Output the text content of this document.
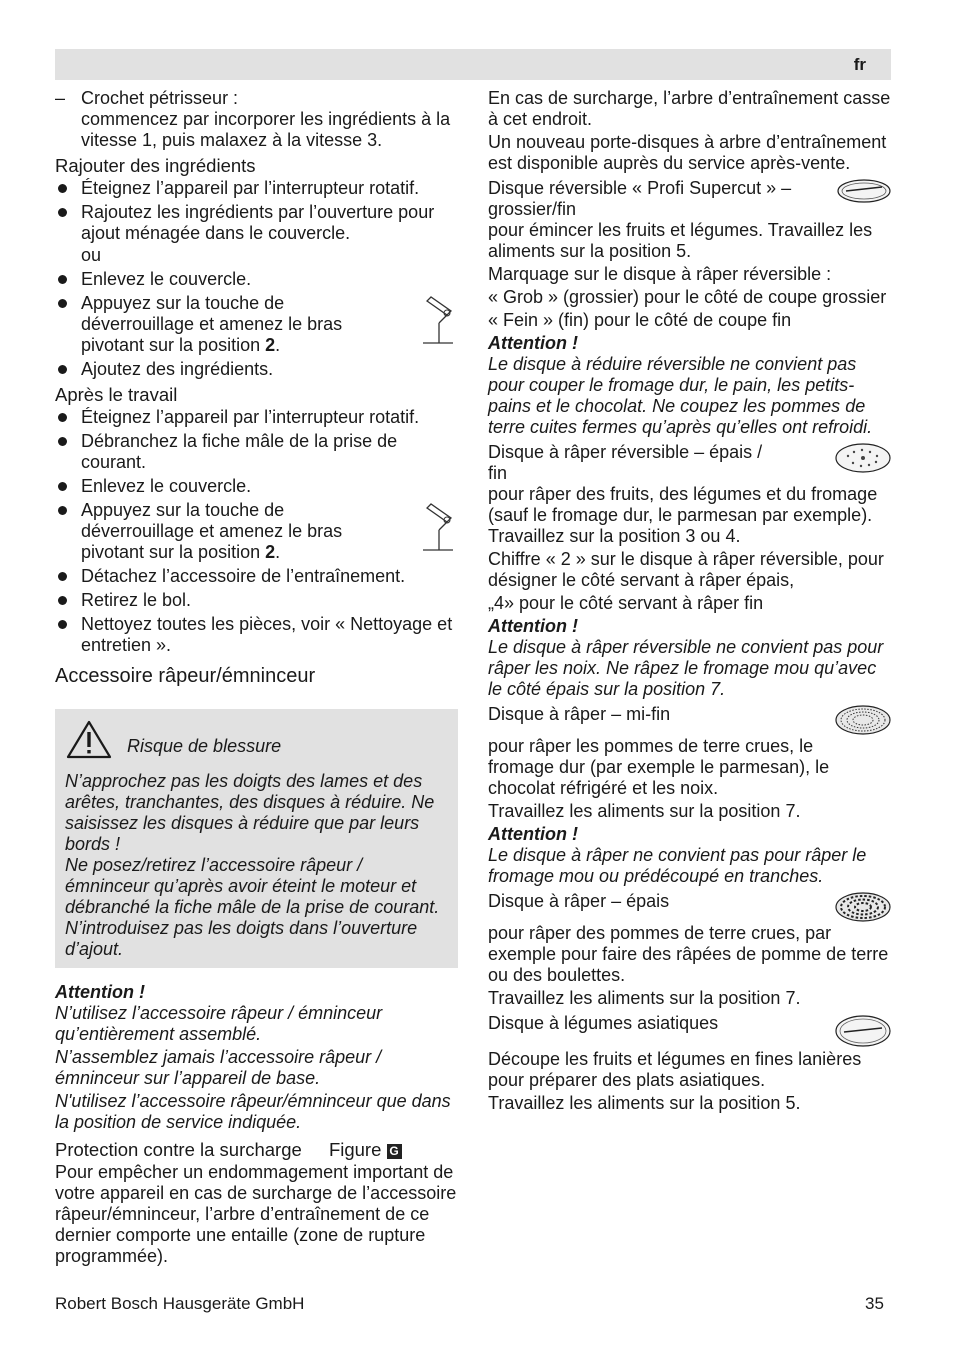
fr
– Crochet pétrisseur :
commencez par incorporer les ingrédients à la vitesse 1, puis malaxez à la vitesse 3.
Rajouter des ingrédients
Éteignez l’appareil par l’interrupteur rotatif.
Rajoutez les ingrédients par l’ouverture pour ajout ménagée dans le couvercle.
ou
Enlevez le couvercle.
Appuyez sur la touche de déverrouillage et amenez le bras pivotant sur la position 2.
Ajoutez des ingrédients.
Après le travail
Éteignez l’appareil par l’interrupteur rotatif.
Débranchez la fiche mâle de la prise de courant.
Enlevez le couvercle.
Appuyez sur la touche de déverrouillage et amenez le bras pivotant sur la position 2.
Détachez l’accessoire de l’entraînement.
Retirez le bol.
Nettoyez toutes les pièces, voir « Nettoyage et entretien ».
Accessoire râpeur/émninceur
Risque de blessure

N’approchez pas les doigts des lames et des arêtes, tranchantes, des disques à réduire. Ne saisissez les disques à réduire que par leurs bords !

Ne posez/retirez l’accessoire râpeur / émninceur qu’après avoir éteint le moteur et débranché la fiche mâle de la prise de courant. N’introduisez pas les doigts dans l’ouverture d’ajout.

Attention !

N’utilisez l’accessoire râpeur / émninceur qu’entièrement assemblé.

N’assemblez jamais l’accessoire râpeur / émninceur sur l’appareil de base.

N'utilisez l’accessoire râpeur/émninceur que dans la position de service indiquée.

Protection contre la surcharge Figure G

Pour empêcher un endommagement important de votre appareil en cas de surcharge de l’accessoire râpeur/émninceur, l’arbre d’entraînement de ce dernier comporte une entaille (zone de rupture programmée).

En cas de surcharge, l’arbre d’entraînement casse à cet endroit.

Un nouveau porte-disques à arbre d’entraînement est disponible auprès du service après-vente.

Disque réversible « Profi Supercut » – grossier/fin

pour émincer les fruits et légumes. Travaillez les aliments sur la position 5.

Marquage sur le disque à râper réversible :

« Grob » (grossier) pour le côté de coupe grossier

« Fein » (fin) pour le côté de coupe fin

Attention !

Le disque à réduire réversible ne convient pas pour couper le fromage dur, le pain, les petits-pains et le chocolat. Ne coupez les pommes de terre cuites fermes qu’après qu’elles ont refroidi.

Disque à râper réversible – épais / fin

pour râper des fruits, des légumes et du fromage (sauf le fromage dur, le parmesan par exemple). Travaillez sur la position 3 ou 4.

Chiffre « 2 » sur le disque à râper réversible, pour désigner le côté servant à râper épais,

„4» pour le côté servant à râper fin

Attention !

Le disque à râper réversible ne convient pas pour râper les noix. Ne râpez le fromage mou qu’avec le côté épais sur la position 7.

Disque à râper – mi-fin

pour râper les pommes de terre crues, le fromage dur (par exemple le parmesan), le chocolat réfrigéré et les noix.

Travaillez les aliments sur la position 7.

Attention !

Le disque à râper ne convient pas pour râper le fromage mou ou prédécoupé en tranches.

Disque à râper – épais

pour râper des pommes de terre crues, par exemple pour faire des râpées de pomme de terre ou des boulettes.

Travaillez les aliments sur la position 7.

Disque à légumes asiatiques

Découpe les fruits et légumes en fines lanières pour préparer des plats asiatiques.

Travaillez les aliments sur la position 5.

Robert Bosch Hausgeräte GmbH	35
